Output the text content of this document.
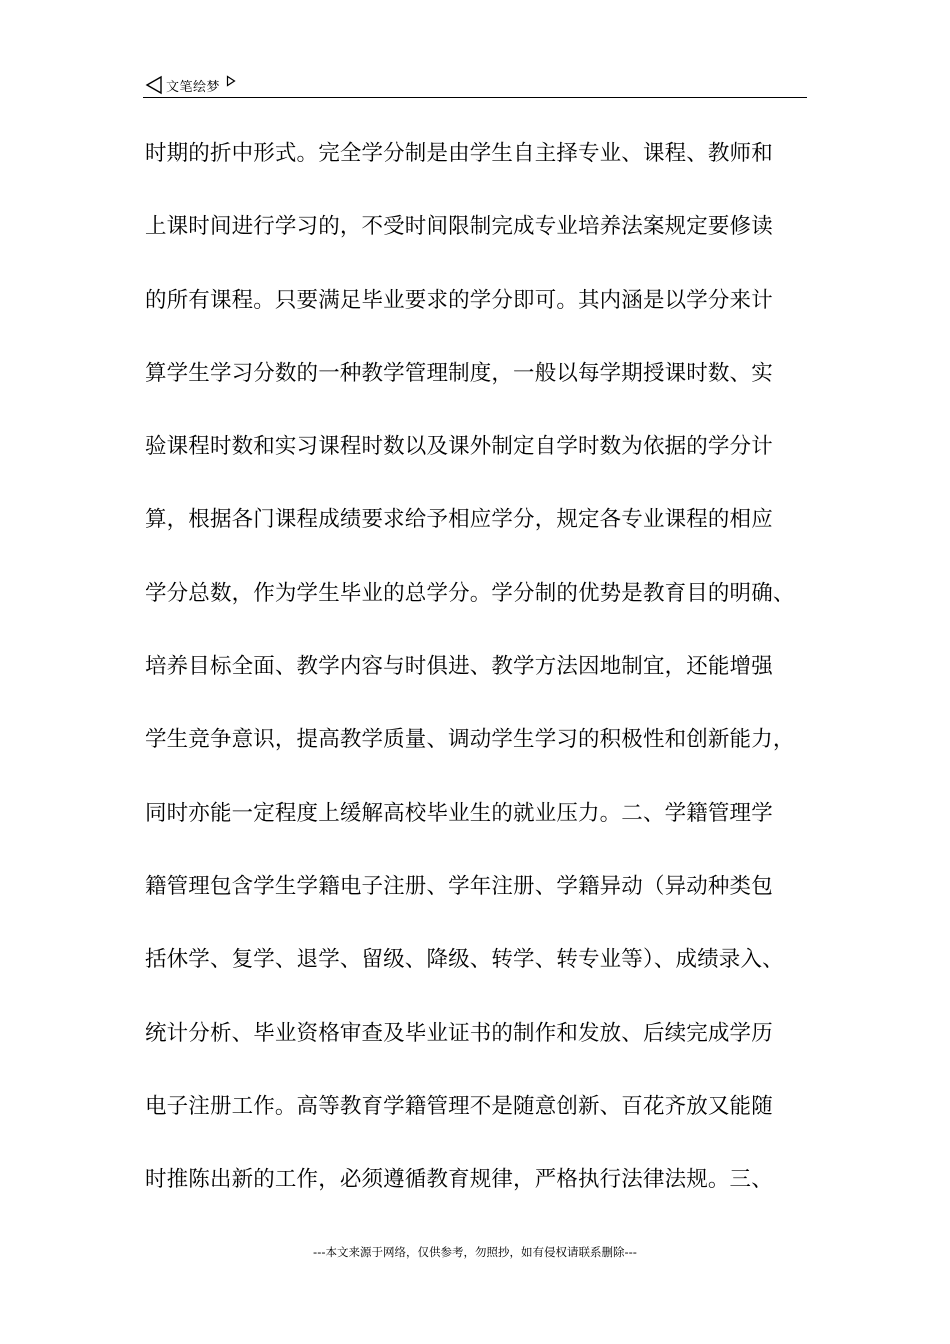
文笔绘梦
时期的折中形式。完全学分制是由学生自主择专业、课程、教师和
上课时间进行学习的，不受时间限制完成专业培养法案规定要修读
的所有课程。只要满足毕业要求的学分即可。其内涵是以学分来计
算学生学习分数的一种教学管理制度，一般以每学期授课时数、实
验课程时数和实习课程时数以及课外制定自学时数为依据的学分计
算，根据各门课程成绩要求给予相应学分，规定各专业课程的相应
学分总数，作为学生毕业的总学分。学分制的优势是教育目的明确、
培养目标全面、教学内容与时俱进、教学方法因地制宜，还能增强
学生竞争意识，提高教学质量、调动学生学习的积极性和创新能力，
同时亦能一定程度上缓解高校毕业生的就业压力。二、学籍管理学
籍管理包含学生学籍电子注册、学年注册、学籍异动（异动种类包
括休学、复学、退学、留级、降级、转学、转专业等）、成绩录入、
统计分析、毕业资格审查及毕业证书的制作和发放、后续完成学历
电子注册工作。高等教育学籍管理不是随意创新、百花齐放又能随
时推陈出新的工作，必须遵循教育规律，严格执行法律法规。三、
---本文来源于网络，仅供参考，勿照抄，如有侵权请联系删除---
